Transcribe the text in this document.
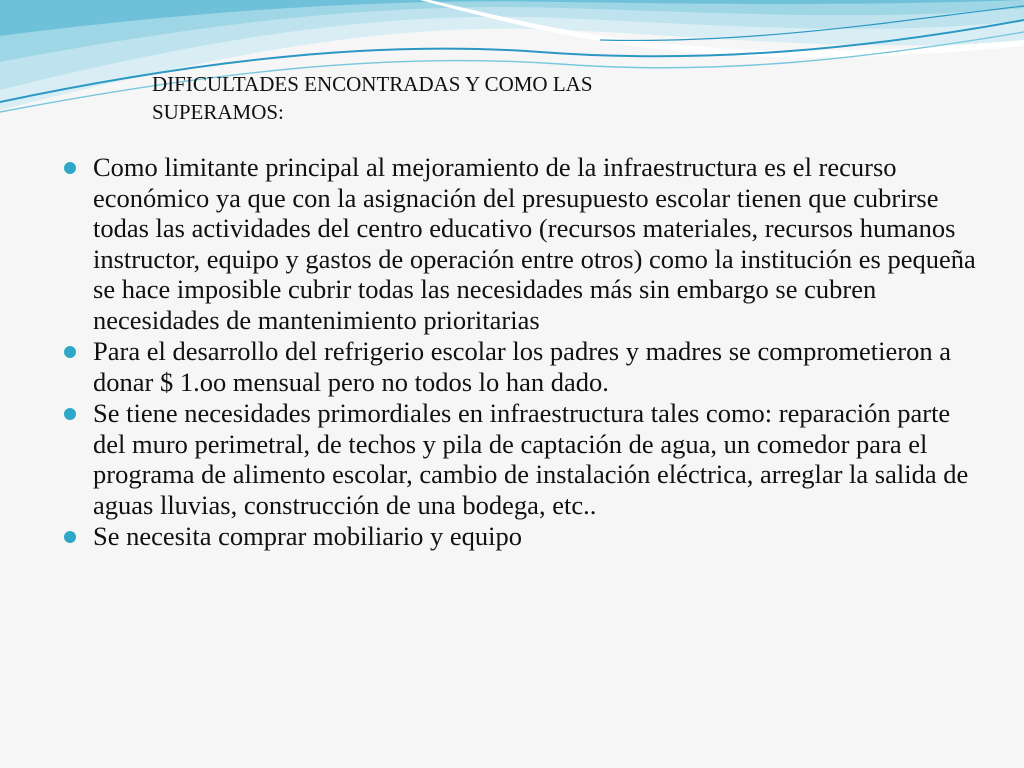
DIFICULTADES ENCONTRADAS Y COMO LAS
SUPERAMOS:
Como limitante principal al mejoramiento de la infraestructura es el recurso económico ya que con la asignación del presupuesto escolar tienen que cubrirse todas las actividades del centro educativo (recursos materiales, recursos humanos instructor, equipo y gastos de operación entre otros) como la institución es pequeña se hace imposible cubrir todas las necesidades más sin embargo se cubren necesidades de mantenimiento prioritarias
Para el desarrollo del refrigerio escolar los padres y madres se comprometieron a donar $ 1.oo mensual pero no todos lo han dado.
Se tiene necesidades primordiales en infraestructura tales como: reparación parte del muro perimetral, de techos y pila de captación de agua, un comedor para el programa de alimento escolar, cambio de instalación eléctrica, arreglar la salida de aguas lluvias, construcción de una bodega, etc..
Se necesita comprar mobiliario y equipo
